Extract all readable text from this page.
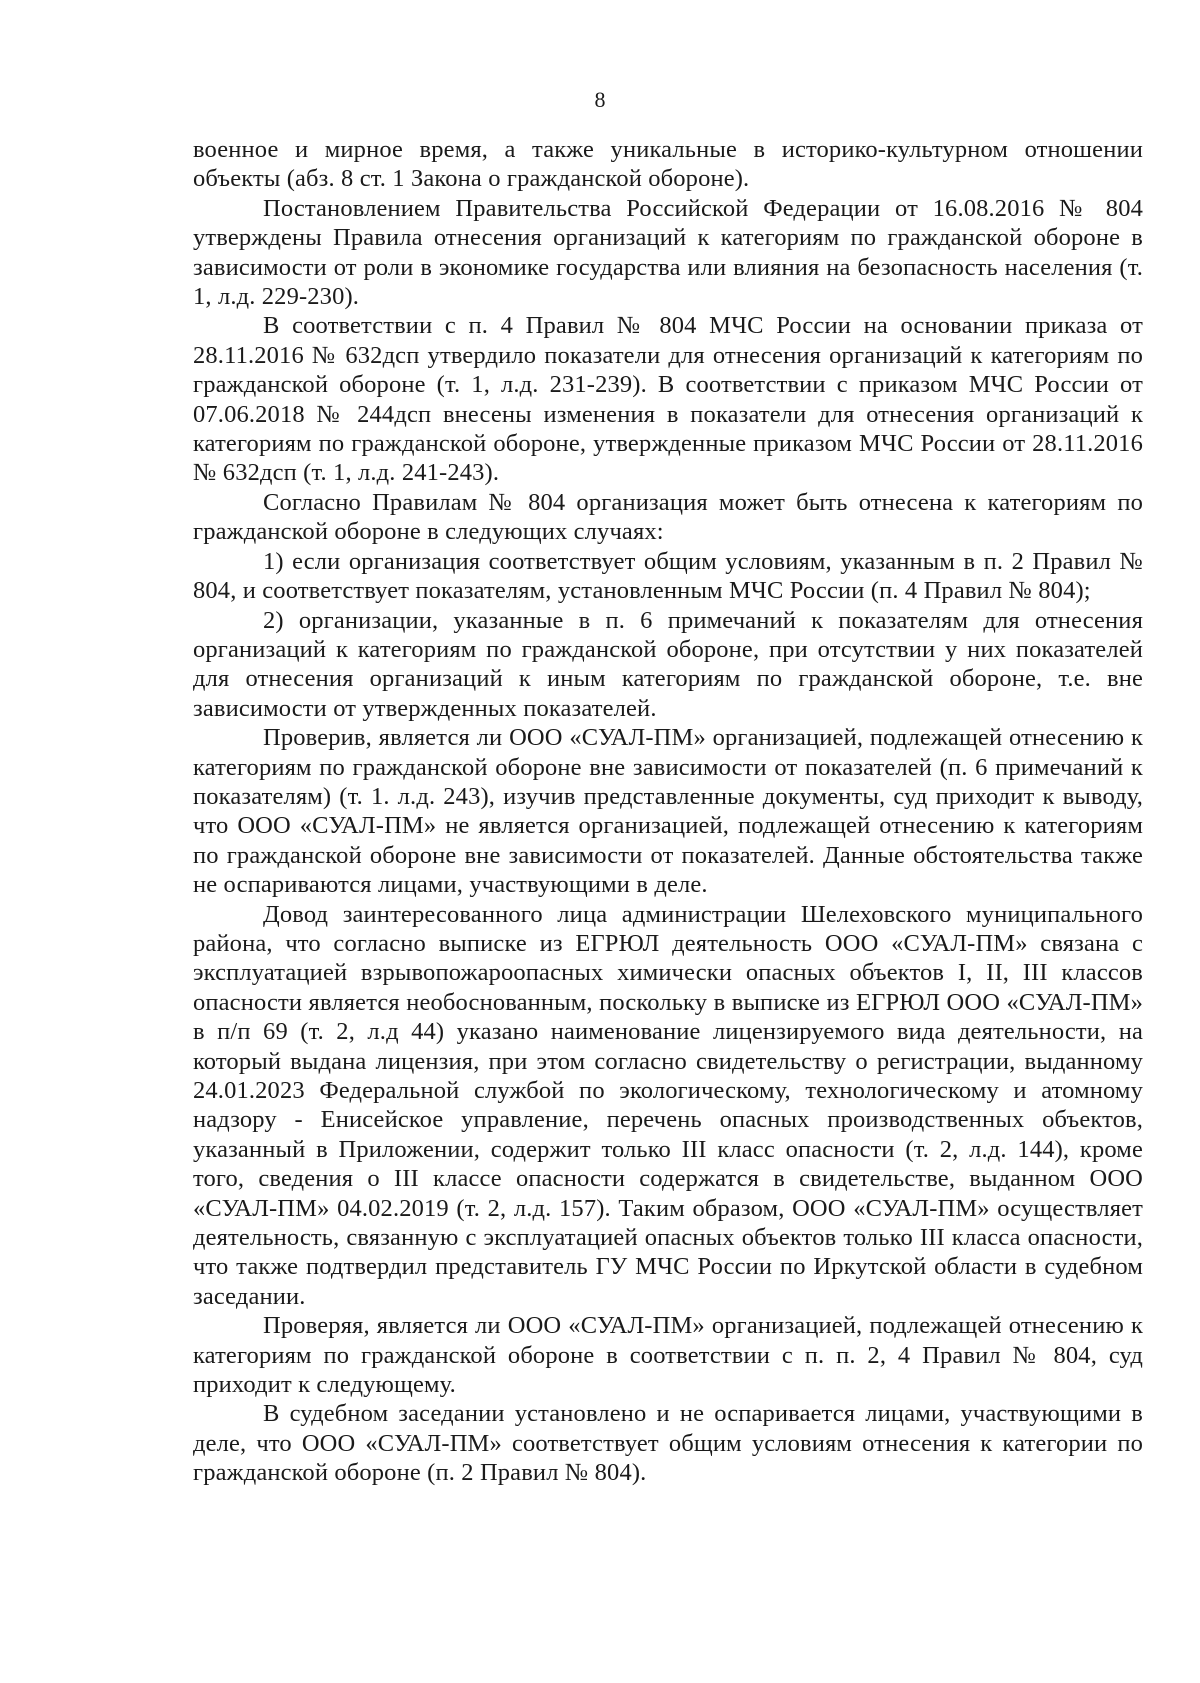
8

военное и мирное время, а также уникальные в историко-культурном отношении объекты (абз. 8 ст. 1 Закона о гражданской обороне).

Постановлением Правительства Российской Федерации от 16.08.2016 № 804 утверждены Правила отнесения организаций к категориям по гражданской обороне в зависимости от роли в экономике государства или влияния на безопасность населения (т. 1, л.д. 229-230).

В соответствии с п. 4 Правил № 804 МЧС России на основании приказа от 28.11.2016 № 632дсп утвердило показатели для отнесения организаций к категориям по гражданской обороне (т. 1, л.д. 231-239). В соответствии с приказом МЧС России от 07.06.2018 № 244дсп внесены изменения в показатели для отнесения организаций к категориям по гражданской обороне, утвержденные приказом МЧС России от 28.11.2016 № 632дсп (т. 1, л.д. 241-243).

Согласно Правилам № 804 организация может быть отнесена к категориям по гражданской обороне в следующих случаях:

1) если организация соответствует общим условиям, указанным в п. 2 Правил № 804, и соответствует показателям, установленным МЧС России (п. 4 Правил № 804);

2) организации, указанные в п. 6 примечаний к показателям для отнесения организаций к категориям по гражданской обороне, при отсутствии у них показателей для отнесения организаций к иным категориям по гражданской обороне, т.е. вне зависимости от утвержденных показателей.

Проверив, является ли ООО «СУАЛ-ПМ» организацией, подлежащей отнесению к категориям по гражданской обороне вне зависимости от показателей (п. 6 примечаний к показателям) (т. 1. л.д. 243), изучив представленные документы, суд приходит к выводу, что ООО «СУАЛ-ПМ» не является организацией, подлежащей отнесению к категориям по гражданской обороне вне зависимости от показателей. Данные обстоятельства также не оспариваются лицами, участвующими в деле.

Довод заинтересованного лица администрации Шелеховского муниципального района, что согласно выписке из ЕГРЮЛ деятельность ООО «СУАЛ-ПМ» связана с эксплуатацией взрывопожароопасных химически опасных объектов I, II, III классов опасности является необоснованным, поскольку в выписке из ЕГРЮЛ ООО «СУАЛ-ПМ» в п/п 69 (т. 2, л.д 44) указано наименование лицензируемого вида деятельности, на который выдана лицензия, при этом согласно свидетельству о регистрации, выданному 24.01.2023 Федеральной службой по экологическому, технологическому и атомному надзору - Енисейское управление, перечень опасных производственных объектов, указанный в Приложении, содержит только III класс опасности (т. 2, л.д. 144), кроме того, сведения о III классе опасности содержатся в свидетельстве, выданном ООО «СУАЛ-ПМ» 04.02.2019 (т. 2, л.д. 157). Таким образом, ООО «СУАЛ-ПМ» осуществляет деятельность, связанную с эксплуатацией опасных объектов только III класса опасности, что также подтвердил представитель ГУ МЧС России по Иркутской области в судебном заседании.

Проверяя, является ли ООО «СУАЛ-ПМ» организацией, подлежащей отнесению к категориям по гражданской обороне в соответствии с п. п. 2, 4 Правил № 804, суд приходит к следующему.

В судебном заседании установлено и не оспаривается лицами, участвующими в деле, что ООО «СУАЛ-ПМ» соответствует общим условиям отнесения к категории по гражданской обороне (п. 2 Правил № 804).
